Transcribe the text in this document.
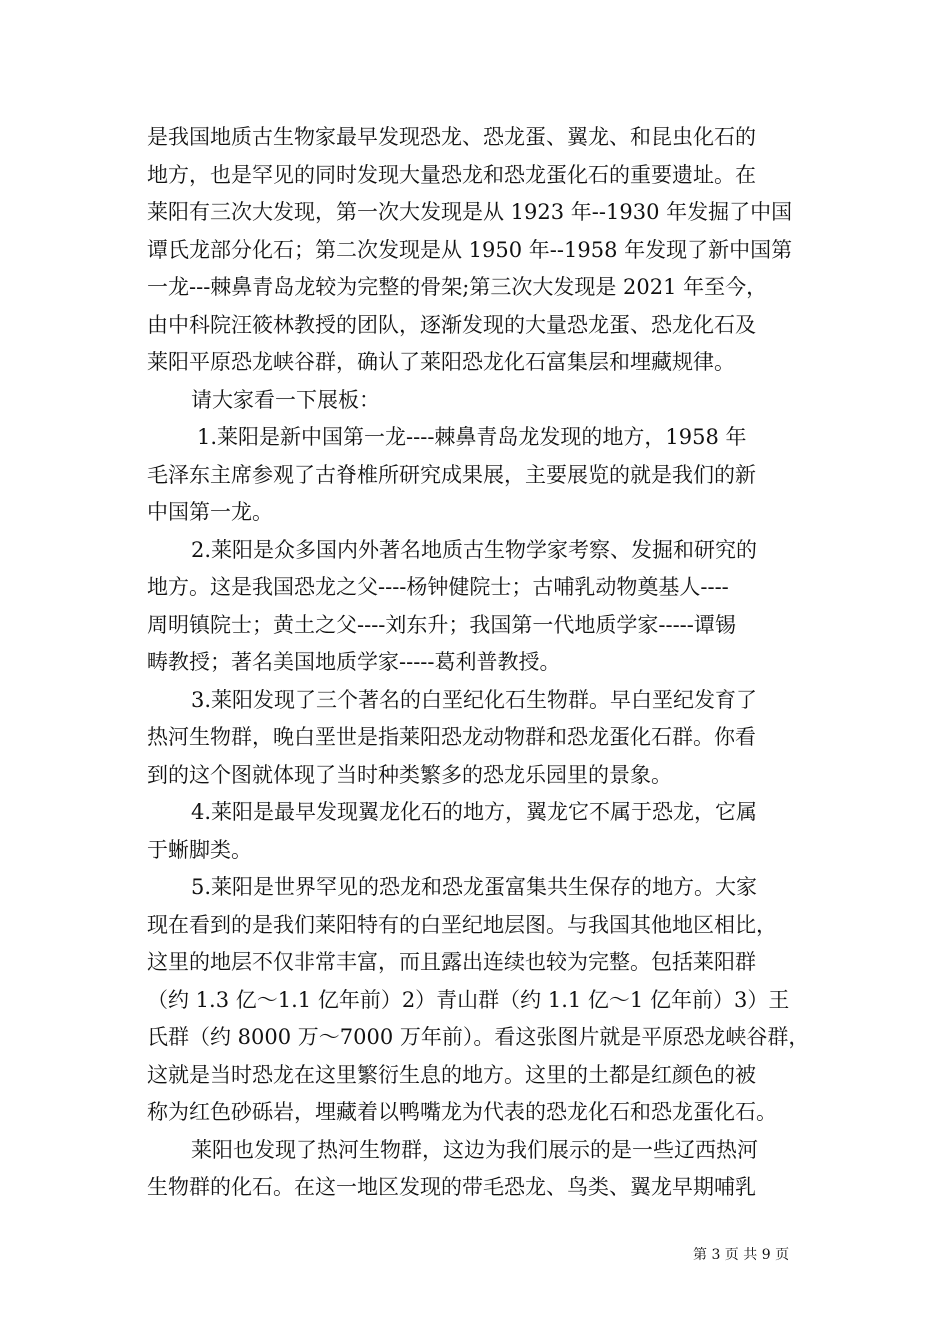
是我国地质古生物家最早发现恐龙、恐龙蛋、翼龙、和昆虫化石的
地方，也是罕见的同时发现大量恐龙和恐龙蛋化石的重要遗址。在
莱阳有三次大发现，第一次大发现是从 1923 年--1930 年发掘了中国
谭氏龙部分化石；第二次发现是从 1950 年--1958 年发现了新中国第
一龙---棘鼻青岛龙较为完整的骨架;第三次大发现是 2021 年至今，
由中科院汪筱林教授的团队，逐渐发现的大量恐龙蛋、恐龙化石及
莱阳平原恐龙峡谷群，确认了莱阳恐龙化石富集层和埋藏规律。
请大家看一下展板：
1.莱阳是新中国第一龙----棘鼻青岛龙发现的地方，1958 年
毛泽东主席参观了古脊椎所研究成果展，主要展览的就是我们的新
中国第一龙。
2.莱阳是众多国内外著名地质古生物学家考察、发掘和研究的
地方。这是我国恐龙之父----杨钟健院士；古哺乳动物奠基人----
周明镇院士；黄土之父----刘东升；我国第一代地质学家-----谭锡
畴教授；著名美国地质学家-----葛利普教授。
3.莱阳发现了三个著名的白垩纪化石生物群。早白垩纪发育了
热河生物群，晚白垩世是指莱阳恐龙动物群和恐龙蛋化石群。你看
到的这个图就体现了当时种类繁多的恐龙乐园里的景象。
4.莱阳是最早发现翼龙化石的地方，翼龙它不属于恐龙，它属
于蜥脚类。
5.莱阳是世界罕见的恐龙和恐龙蛋富集共生保存的地方。大家
现在看到的是我们莱阳特有的白垩纪地层图。与我国其他地区相比，
这里的地层不仅非常丰富，而且露出连续也较为完整。包括莱阳群
（约 1.3 亿～1.1 亿年前）2）青山群（约 1.1 亿～1 亿年前）3）王
氏群（约 8000 万～7000 万年前）。看这张图片就是平原恐龙峡谷群，
这就是当时恐龙在这里繁衍生息的地方。这里的土都是红颜色的被
称为红色砂砾岩，埋藏着以鸭嘴龙为代表的恐龙化石和恐龙蛋化石。
莱阳也发现了热河生物群，这边为我们展示的是一些辽西热河
生物群的化石。在这一地区发现的带毛恐龙、鸟类、翼龙早期哺乳
第 3 页 共 9 页
